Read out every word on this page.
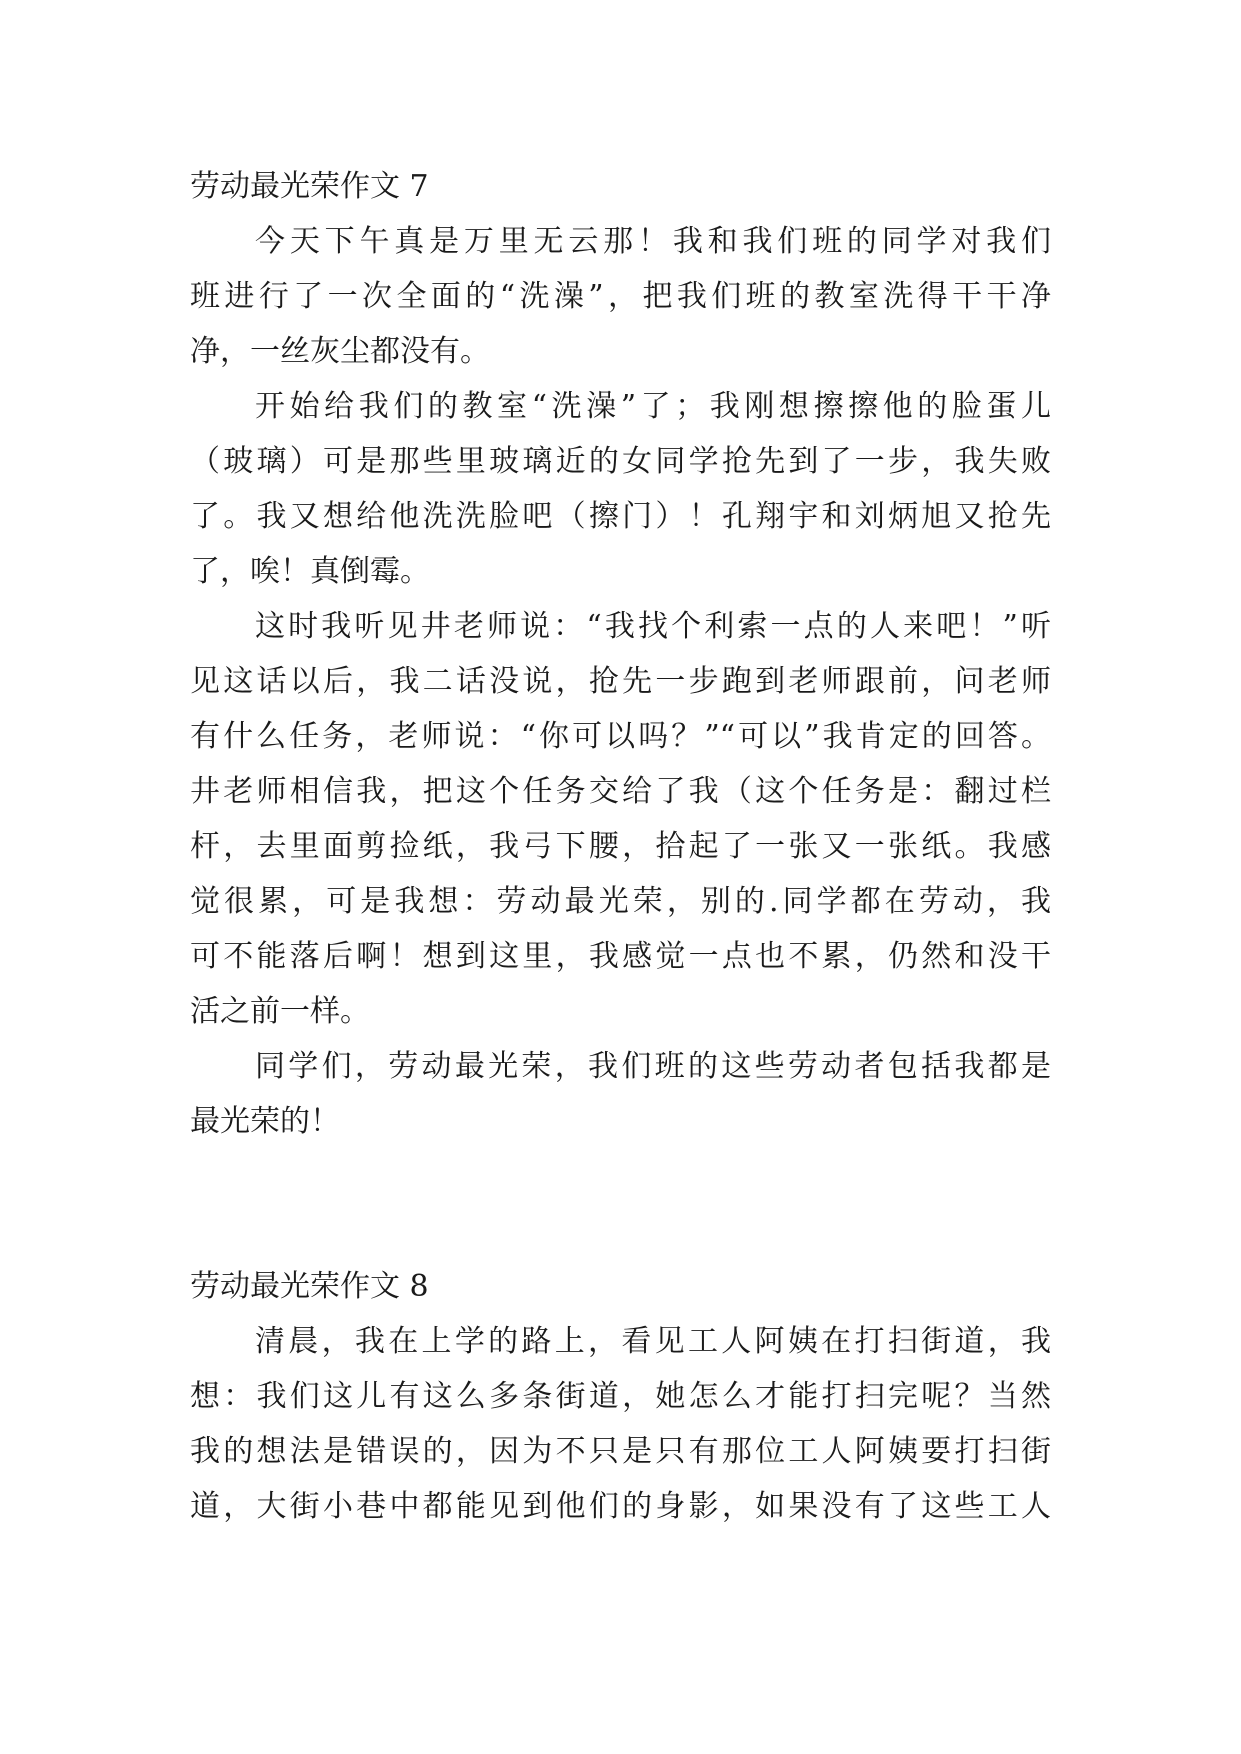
劳动最光荣作文 7
今天下午真是万里无云那！我和我们班的同学对我们
班进行了一次全面的“洗澡”，把我们班的教室洗得干干净
净，一丝灰尘都没有。
开始给我们的教室“洗澡”了；我刚想擦擦他的脸蛋儿
（玻璃）可是那些里玻璃近的女同学抢先到了一步，我失败
了。我又想给他洗洗脸吧（擦门）！孔翔宇和刘炳旭又抢先
了，唉！真倒霉。
这时我听见井老师说：“我找个利索一点的人来吧！”听
见这话以后，我二话没说，抢先一步跑到老师跟前，问老师
有什么任务，老师说：“你可以吗？”“可以”我肯定的回答。
井老师相信我，把这个任务交给了我（这个任务是：翻过栏
杆，去里面剪捡纸，我弓下腰，拾起了一张又一张纸。我感
觉很累，可是我想：劳动最光荣，别的.同学都在劳动，我
可不能落后啊！想到这里，我感觉一点也不累，仍然和没干
活之前一样。
同学们，劳动最光荣，我们班的这些劳动者包括我都是
最光荣的！
劳动最光荣作文 8
清晨，我在上学的路上，看见工人阿姨在打扫街道，我
想：我们这儿有这么多条街道，她怎么才能打扫完呢？当然
我的想法是错误的，因为不只是只有那位工人阿姨要打扫街
道，大街小巷中都能见到他们的身影，如果没有了这些工人
